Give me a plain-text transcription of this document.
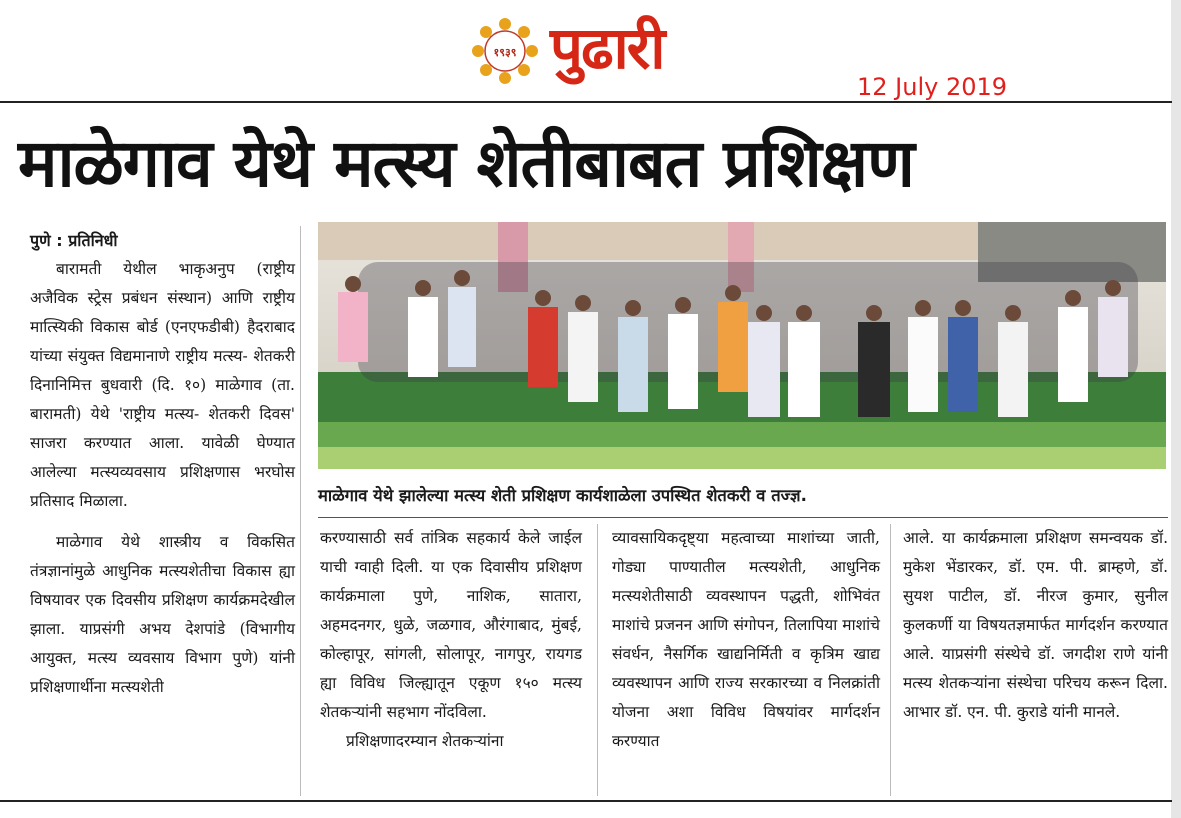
१९३९ पुढारी
12 July 2019
माळेगाव येथे मत्स्य शेतीबाबत प्रशिक्षण
पुणे : प्रतिनिधी

बारामती येथील भाकृअनुप (राष्ट्रीय अजैविक स्ट्रेस प्रबंधन संस्थान) आणि राष्ट्रीय मात्स्यिकी विकास बोर्ड (एनएफडीबी) हैदराबाद यांच्या संयुक्त विद्यमानाणे राष्ट्रीय मत्स्य- शेतकरी दिनानिमित्त बुधवारी (दि. १०) माळेगाव (ता. बारामती) येथे 'राष्ट्रीय मत्स्य- शेतकरी दिवस' साजरा करण्यात आला. यावेळी घेण्यात आलेल्या मत्स्यव्यवसाय प्रशिक्षणास भरघोस प्रतिसाद मिळाला.

माळेगाव येथे शास्त्रीय व विकसित तंत्रज्ञानांमुळे आधुनिक मत्स्यशेतीचा विकास ह्या विषयावर एक दिवसीय प्रशिक्षण कार्यक्रमदेखील झाला. याप्रसंगी अभय देशपांडे (विभागीय आयुक्त, मत्स्य व्यवसाय विभाग पुणे) यांनी प्रशिक्षणार्थीना मत्स्यशेती

माळेगाव येथे झालेल्या मत्स्य शेती प्रशिक्षण कार्यशाळेला उपस्थित शेतकरी व तज्ज्ञ.

करण्यासाठी सर्व तांत्रिक सहकार्य केले जाईल याची ग्वाही दिली. या एक दिवासीय प्रशिक्षण कार्यक्रमाला पुणे, नाशिक, सातारा, अहमदनगर, धुळे, जळगाव, औरंगाबाद, मुंबई, कोल्हापूर, सांगली, सोलापूर, नागपुर, रायगड ह्या विविध जिल्ह्यातून एकूण १५० मत्स्य शेतकऱ्यांनी सहभाग नोंदविला.

प्रशिक्षणादरम्यान शेतकऱ्यांना

व्यावसायिकदृष्ट्या महत्वाच्या माशांच्या जाती, गोड्या पाण्यातील मत्स्यशेती, आधुनिक मत्स्यशेतीसाठी व्यवस्थापन पद्धती, शोभिवंत माशांचे प्रजनन आणि संगोपन, तिलापिया माशांचे संवर्धन, नैसर्गिक खाद्यनिर्मिती व कृत्रिम खाद्य व्यवस्थापन आणि राज्य सरकारच्या व निलक्रांती योजना अशा विविध विषयांवर मार्गदर्शन करण्यात

आले. या कार्यक्रमाला प्रशिक्षण समन्वयक डॉ. मुकेश भेंडारकर, डॉ. एम. पी. ब्राम्हणे, डॉ. सुयश पाटील, डॉ. नीरज कुमार, सुनील कुलकर्णी या विषयतज्ञमार्फत मार्गदर्शन करण्यात आले. याप्रसंगी संस्थेचे डॉ. जगदीश राणे यांनी मत्स्य शेतकऱ्यांना संस्थेचा परिचय करून दिला. आभार डॉ. एन. पी. कुराडे यांनी मानले.
